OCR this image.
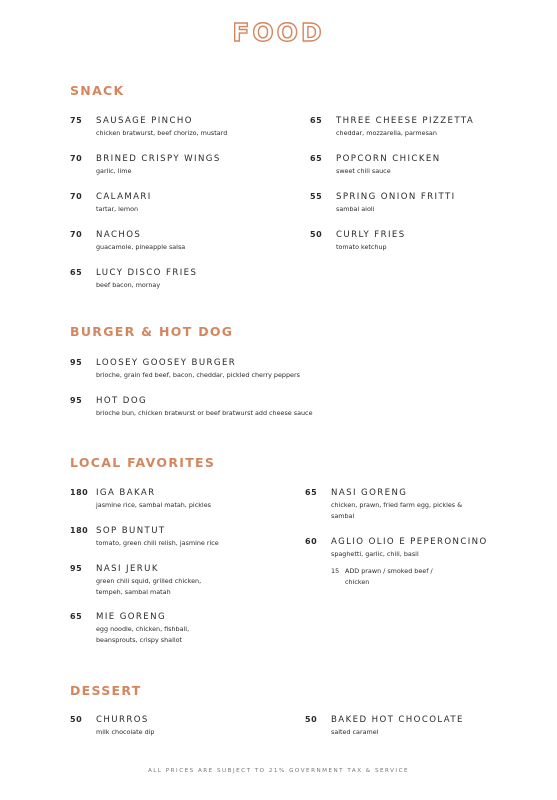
FOOD
SNACK
75 SAUSAGE PINCHO
chicken bratwurst, beef chorizo, mustard
70 BRINED CRISPY WINGS
garlic, lime
70 CALAMARI
tartar, lemon
70 NACHOS
guacamole, pineapple salsa
65 LUCY DISCO FRIES
beef bacon, mornay
65 THREE CHEESE PIZZETTA
cheddar, mozzarella, parmesan
65 POPCORN CHICKEN
sweet chili sauce
55 SPRING ONION FRITTI
sambal aioli
50 CURLY FRIES
tomato ketchup
BURGER & HOT DOG
95 LOOSEY GOOSEY BURGER
brioche, grain fed beef, bacon, cheddar, pickled cherry peppers
95 HOT DOG
brioche bun, chicken bratwurst or beef bratwurst add cheese sauce
LOCAL FAVORITES
180 IGA BAKAR
jasmine rice, sambal matah, pickles
180 SOP BUNTUT
tomato, green chili relish, jasmine rice
95 NASI JERUK
green chili squid, grilled chicken,
tempeh, sambal matah
65 MIE GORENG
egg noodle, chicken, fishball,
beansprouts, crispy shallot
65 NASI GORENG
chicken, prawn, fried farm egg, pickles &
sambal
60 AGLIO OLIO E PEPERONCINO
spaghetti, garlic, chili, basil
15 ADD prawn / smoked beef /
chicken
DESSERT
50 CHURROS
milk chocolate dip
50 BAKED HOT CHOCOLATE
salted caramel
ALL PRICES ARE SUBJECT TO 21% GOVERNMENT TAX & SERVICE
